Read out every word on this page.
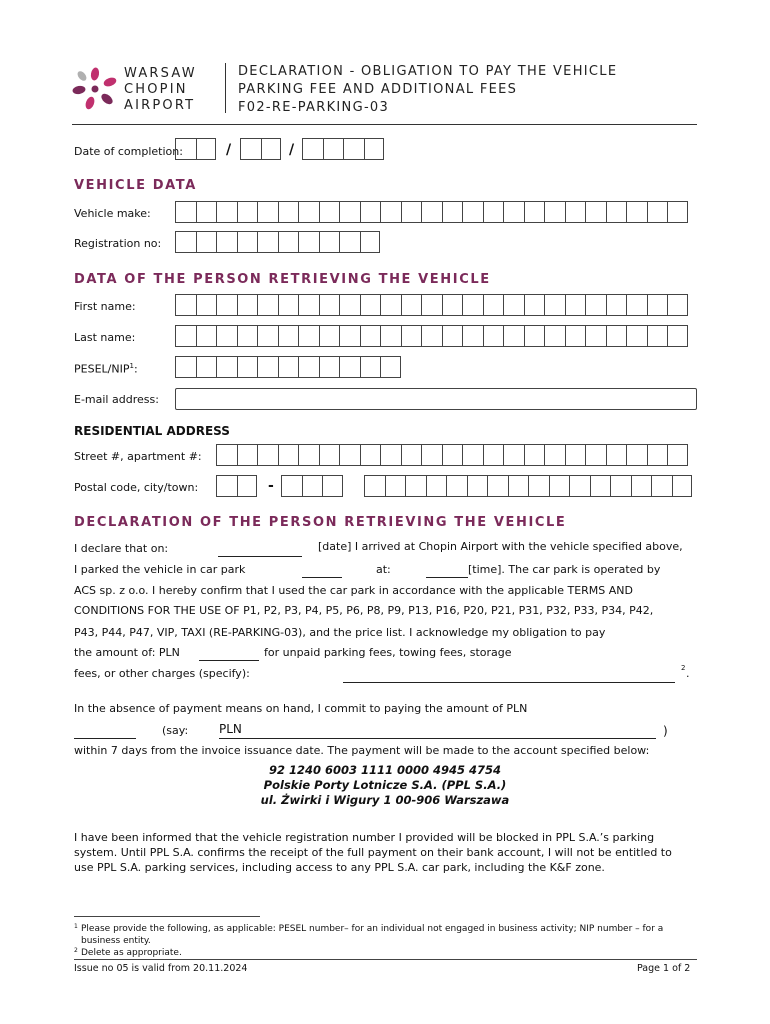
WARSAW
CHOPIN
AIRPORT
DECLARATION - OBLIGATION TO PAY THE VEHICLE
PARKING FEE AND ADDITIONAL FEES
F02-RE-PARKING-03
Date of completion:	/	/
VEHICLE DATA
Vehicle make:
Registration no:
DATA OF THE PERSON RETRIEVING THE VEHICLE
First name:
Last name:
PESEL/NIP$^1$:
E-mail address:
RESIDENTIAL ADDRESS
Street #, apartment #:
Postal code, city/town:	-
DECLARATION OF THE PERSON RETRIEVING THE VEHICLE
I declare that on:	[date] I arrived at Chopin Airport with the vehicle specified above,
I parked the vehicle in car park	at:	[time]. The car park is operated by
ACS sp. z o.o. I hereby confirm that I used the car park in accordance with the applicable TERMS AND
CONDITIONS FOR THE USE OF P1, P2, P3, P4, P5, P6, P8, P9, P13, P16, P20, P21, P31, P32, P33, P34, P42,
P43, P44, P47, VIP, TAXI (RE-PARKING-03), and the price list. I acknowledge my obligation to pay
the amount of: PLN	for unpaid parking fees, towing fees, storage
fees, or other charges (specify):	2 .
In the absence of payment means on hand, I commit to paying the amount of PLN
(say:	PLN	)
within 7 days from the invoice issuance date. The payment will be made to the account specified below:
92 1240 6003 1111 0000 4945 4754
Polskie Porty Lotnicze S.A. (PPL S.A.)
ul. Żwirki i Wigury 1 00-906 Warszawa
I have been informed that the vehicle registration number I provided will be blocked in PPL S.A.’s parking
system. Until PPL S.A. confirms the receipt of the full payment on their bank account, I will not be entitled to
use PPL S.A. parking services, including access to any PPL S.A. car park, including the K&F zone.
1 Please provide the following, as applicable: PESEL number– for an individual not engaged in business activity; NIP number – for a
business entity.
2 Delete as appropriate.
Issue no 05 is valid from 20.11.2024	Page 1 of 2
